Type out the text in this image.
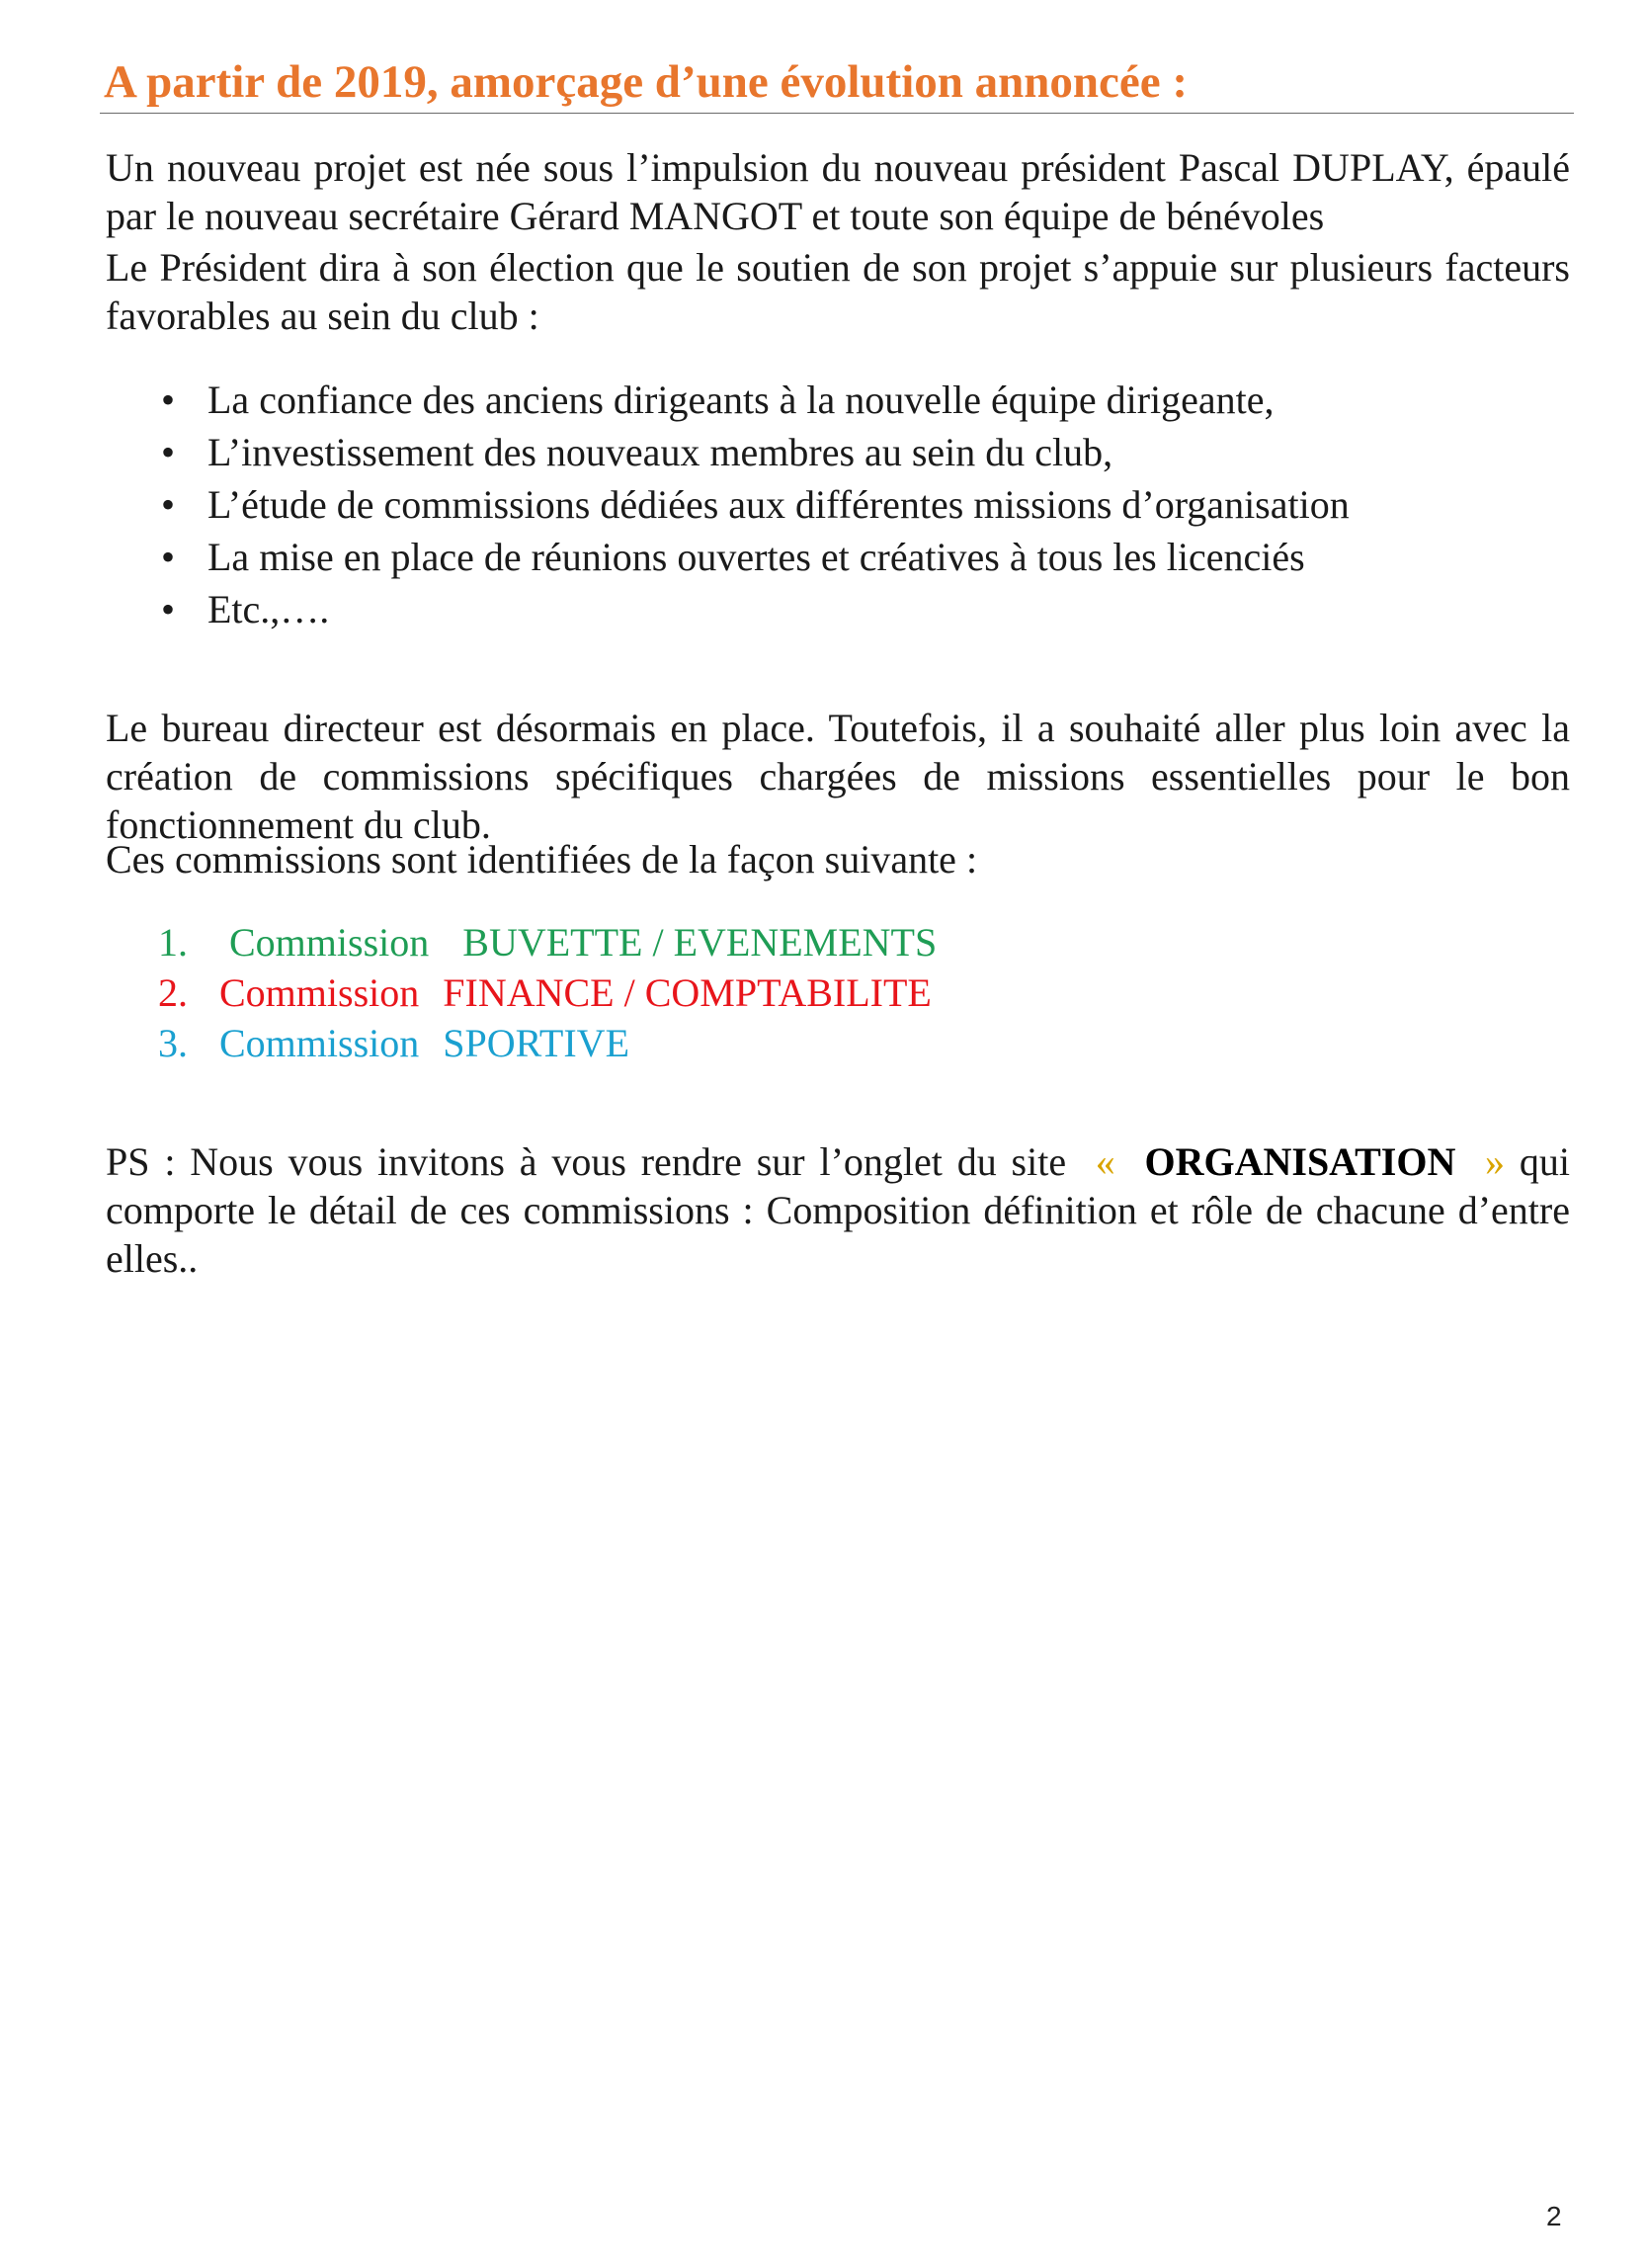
A partir de 2019, amorçage d’une évolution annoncée :

Un nouveau projet est née sous l’impulsion du nouveau président Pascal DUPLAY, épaulé par le nouveau secrétaire Gérard MANGOT et toute son équipe de bénévoles

Le Président dira à son élection que le soutien de son projet s’appuie sur plusieurs facteurs favorables au sein du club :

• La confiance des anciens dirigeants à la nouvelle équipe dirigeante,
• L’investissement des nouveaux membres au sein du club,
• L’étude de commissions dédiées aux différentes missions d’organisation
• La mise en place de réunions ouvertes et créatives à tous les licenciés
• Etc.,….

Le bureau directeur est désormais en place. Toutefois, il a souhaité aller plus loin avec la création de commissions spécifiques chargées de missions essentielles pour le bon fonctionnement du club.

Ces commissions sont identifiées de la façon suivante :

1. Commission BUVETTE / EVENEMENTS
2. Commission FINANCE / COMPTABILITE
3. Commission SPORTIVE

PS : Nous vous invitons à vous rendre sur l’onglet du site « ORGANISATION » qui comporte le détail de ces commissions : Composition définition et rôle de chacune d’entre elles..

2
